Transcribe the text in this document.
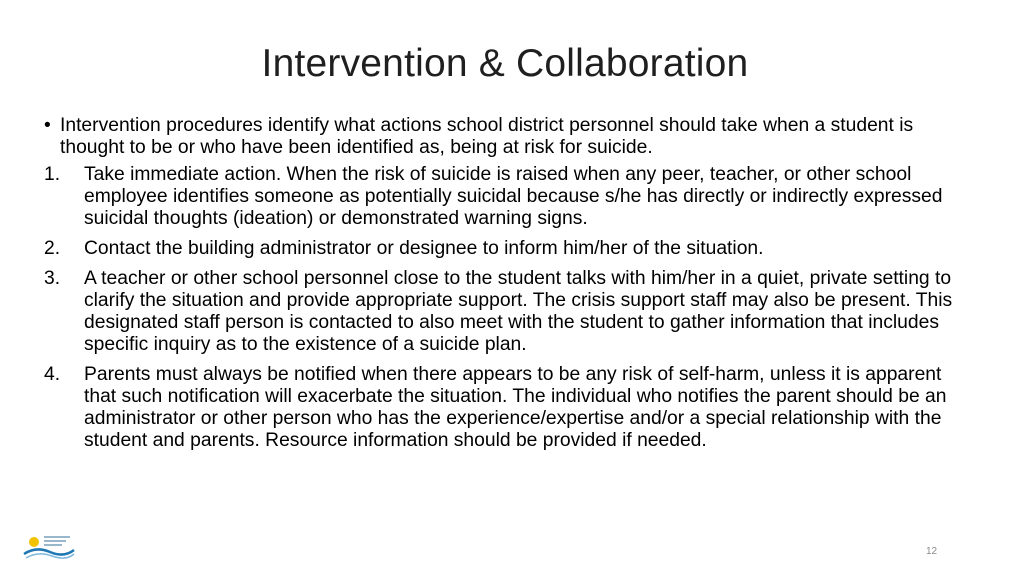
Intervention & Collaboration
• Intervention procedures identify what actions school district personnel should take when a student is thought to be or who have been identified as, being at risk for suicide.
1. Take immediate action. When the risk of suicide is raised when any peer, teacher, or other school employee identifies someone as potentially suicidal because s/he has directly or indirectly expressed suicidal thoughts (ideation) or demonstrated warning signs.
2. Contact the building administrator or designee to inform him/her of the situation.
3. A teacher or other school personnel close to the student talks with him/her in a quiet, private setting to clarify the situation and provide appropriate support. The crisis support staff may also be present. This designated staff person is contacted to also meet with the student to gather information that includes specific inquiry as to the existence of a suicide plan.
4. Parents must always be notified when there appears to be any risk of self-harm, unless it is apparent that such notification will exacerbate the situation. The individual who notifies the parent should be an administrator or other person who has the experience/expertise and/or a special relationship with the student and parents. Resource information should be provided if needed.
12
